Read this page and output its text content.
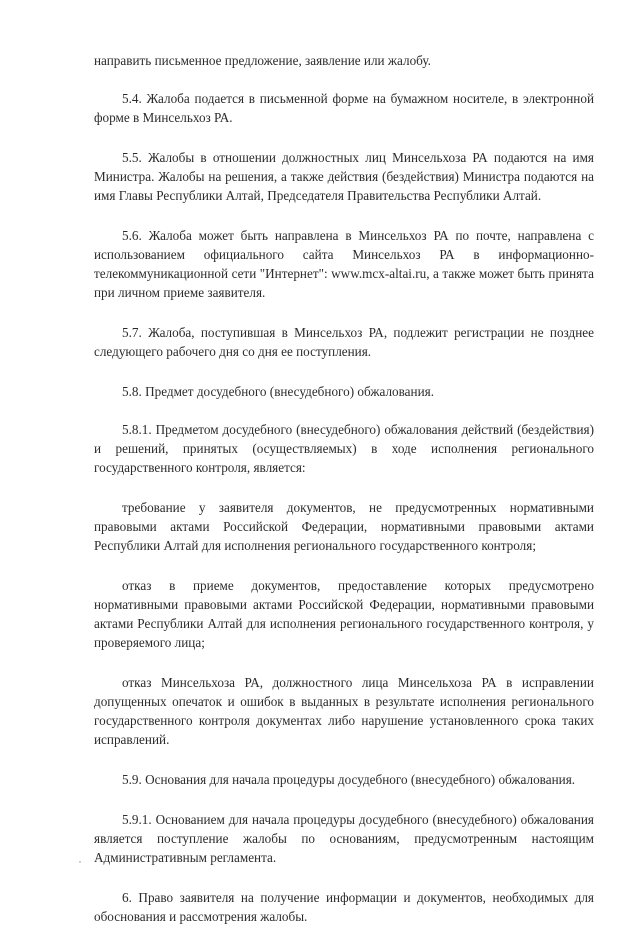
направить письменное предложение, заявление или жалобу.

5.4. Жалоба подается в письменной форме на бумажном носителе, в электронной форме в Минсельхоз РА.

5.5. Жалобы в отношении должностных лиц Минсельхоза РА подаются на имя Министра. Жалобы на решения, а также действия (бездействия) Министра подаются на имя Главы Республики Алтай, Председателя Правительства Республики Алтай.

5.6. Жалоба может быть направлена в Минсельхоз РА по почте, направлена с использованием официального сайта Минсельхоз РА в информационно-телекоммуникационной сети "Интернет": www.mcx-altai.ru, а также может быть принята при личном приеме заявителя.

5.7. Жалоба, поступившая в Минсельхоз РА, подлежит регистрации не позднее следующего рабочего дня со дня ее поступления.

5.8. Предмет досудебного (внесудебного) обжалования.

5.8.1. Предметом досудебного (внесудебного) обжалования действий (бездействия) и решений, принятых (осуществляемых) в ходе исполнения регионального государственного контроля, является:

требование у заявителя документов, не предусмотренных нормативными правовыми актами Российской Федерации, нормативными правовыми актами Республики Алтай для исполнения регионального государственного контроля;

отказ в приеме документов, предоставление которых предусмотрено нормативными правовыми актами Российской Федерации, нормативными правовыми актами Республики Алтай для исполнения регионального государственного контроля, у проверяемого лица;

отказ Минсельхоза РА, должностного лица Минсельхоза РА в исправлении допущенных опечаток и ошибок в выданных в результате исполнения регионального государственного контроля документах либо нарушение установленного срока таких исправлений.

5.9. Основания для начала процедуры досудебного (внесудебного) обжалования.

5.9.1. Основанием для начала процедуры досудебного (внесудебного) обжалования является поступление жалобы по основаниям, предусмотренным настоящим Административным регламента.

6. Право заявителя на получение информации и документов, необходимых для обоснования и рассмотрения жалобы.
